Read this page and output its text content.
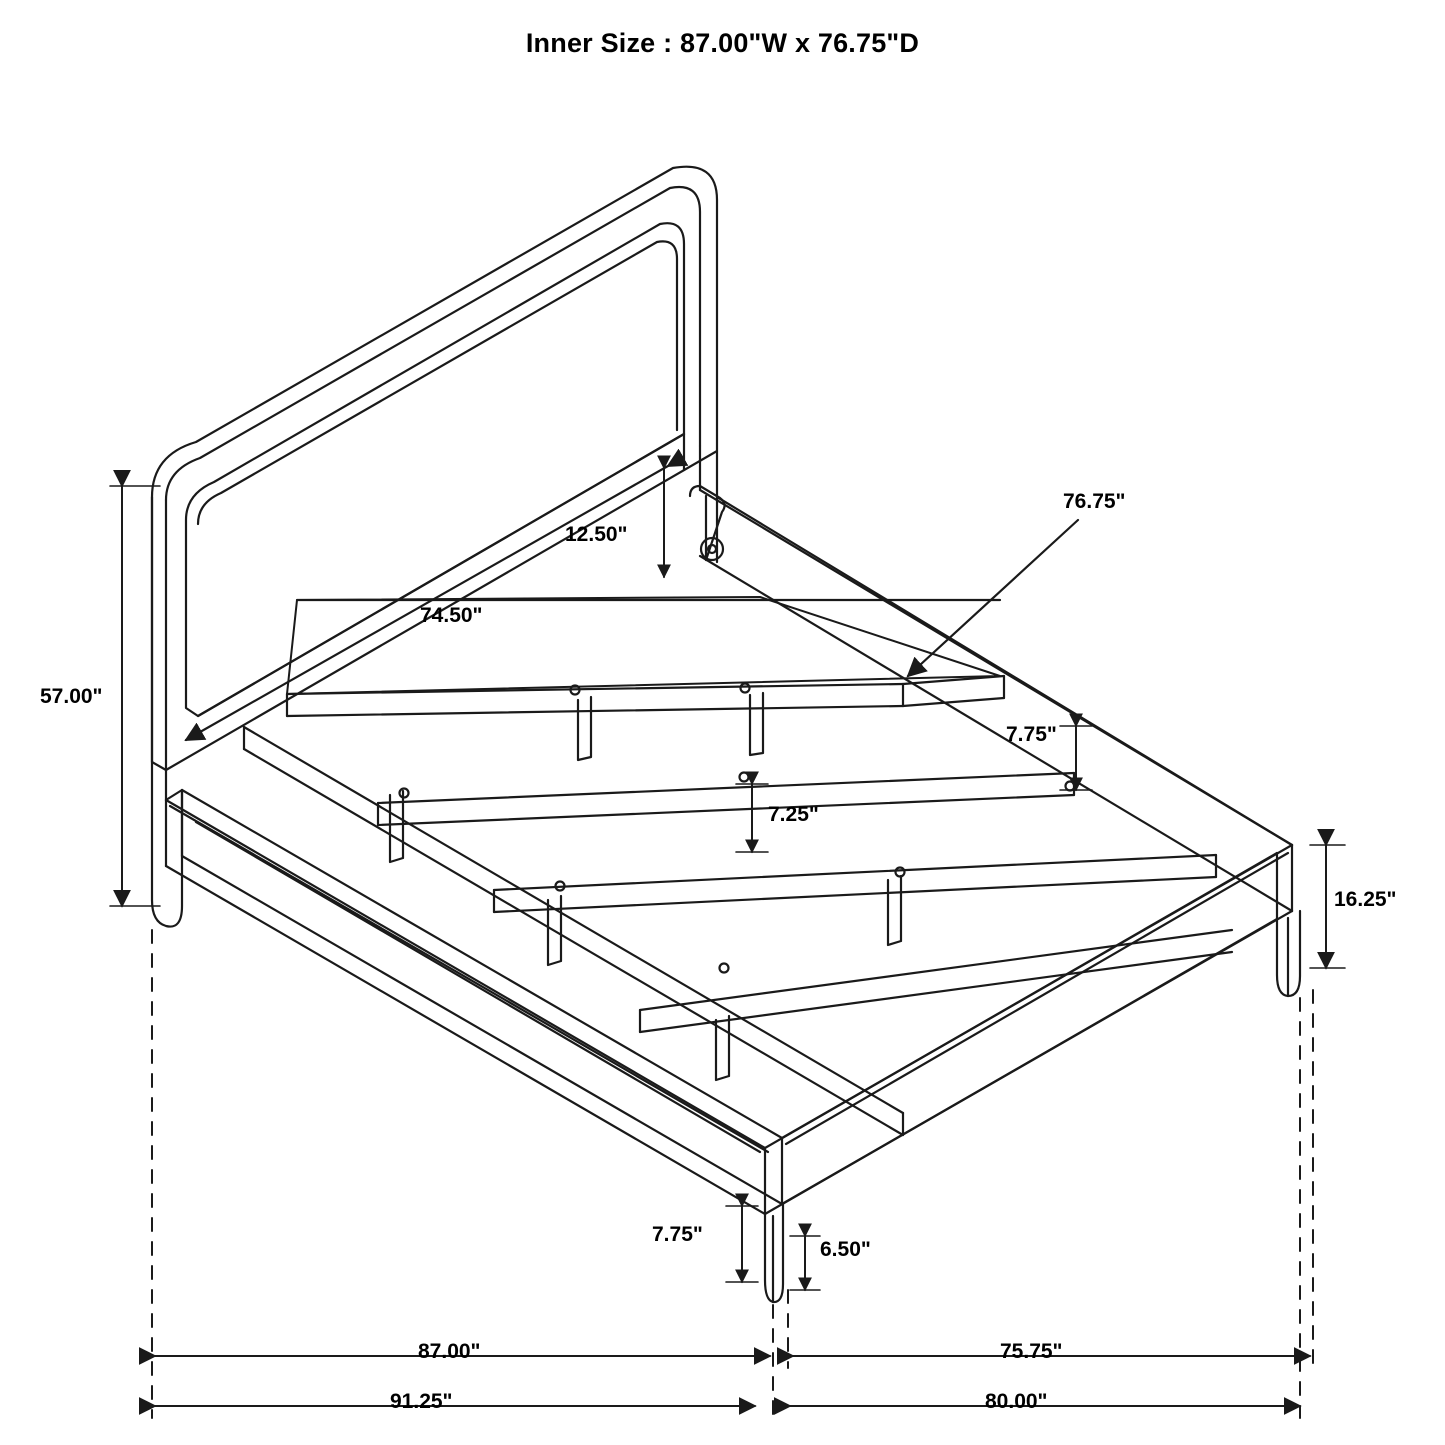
Inner Size : 87.00"W x 76.75"D
57.00"
12.50"
74.50"
76.75"
7.75"
7.25"
16.25"
7.75"
6.50"
87.00"	75.75"
91.25"	80.00"
